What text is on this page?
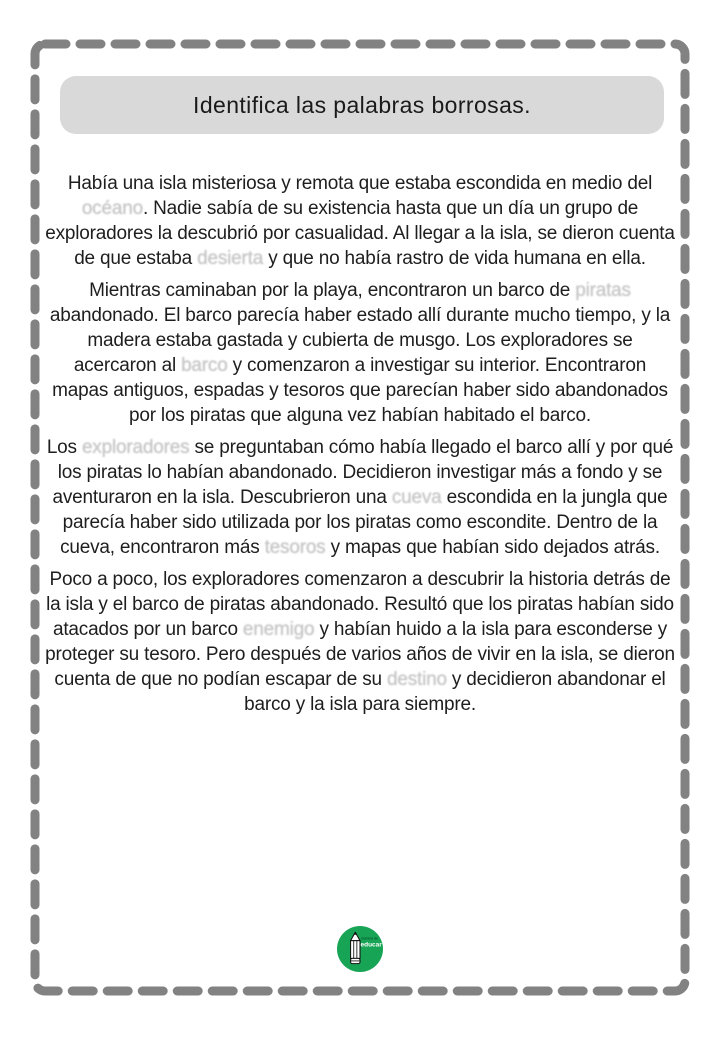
Identifica las palabras borrosas.

Había una isla misteriosa y remota que estaba escondida en medio del océano. Nadie sabía de su existencia hasta que un día un grupo de exploradores la descubrió por casualidad. Al llegar a la isla, se dieron cuenta de que estaba desierta y que no había rastro de vida humana en ella.

Mientras caminaban por la playa, encontraron un barco de piratas abandonado. El barco parecía haber estado allí durante mucho tiempo, y la madera estaba gastada y cubierta de musgo. Los exploradores se acercaron al barco y comenzaron a investigar su interior. Encontraron mapas antiguos, espadas y tesoros que parecían haber sido abandonados por los piratas que alguna vez habían habitado el barco.

Los exploradores se preguntaban cómo había llegado el barco allí y por qué los piratas lo habían abandonado. Decidieron investigar más a fondo y se aventuraron en la isla. Descubrieron una cueva escondida en la jungla que parecía haber sido utilizada por los piratas como escondite. Dentro de la cueva, encontraron más tesoros y mapas que habían sido dejados atrás.

Poco a poco, los exploradores comenzaron a descubrir la historia detrás de la isla y el barco de piratas abandonado. Resultó que los piratas habían sido atacados por un barco enemigo y habían huido a la isla para esconderse y proteger su tesoro. Pero después de varios años de vivir en la isla, se dieron cuenta de que no podían escapar de su destino y decidieron abandonar el barco y la isla para siempre.

manera de
educar
